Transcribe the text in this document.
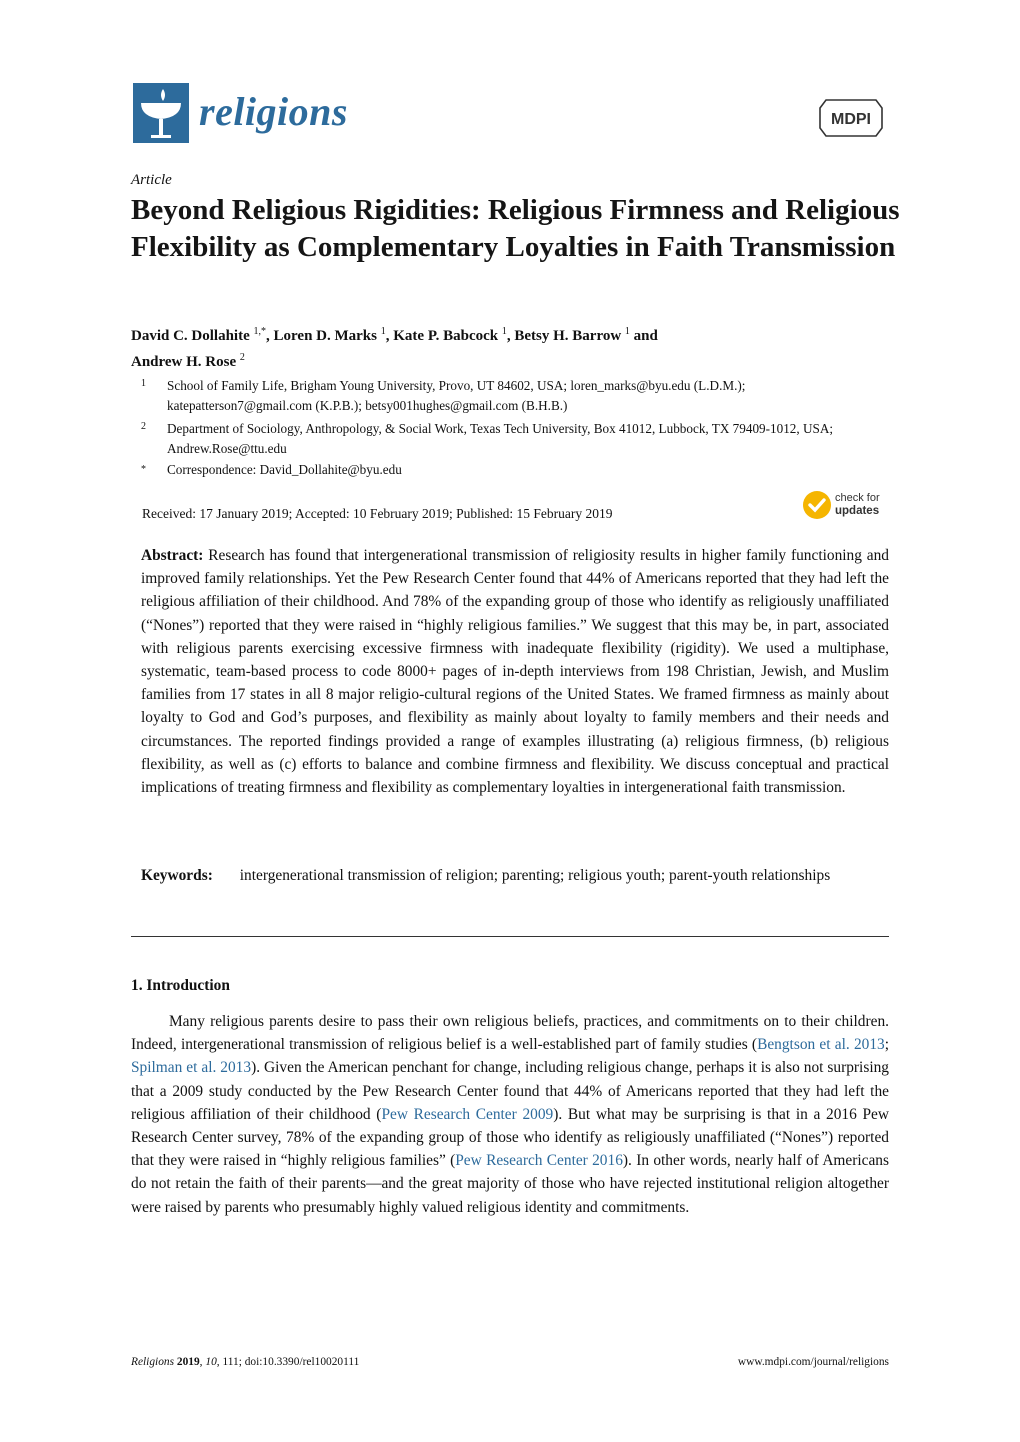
religions	MDPI
Article
Beyond Religious Rigidities: Religious Firmness and Religious Flexibility as Complementary Loyalties in Faith Transmission
David C. Dollahite $^{1,*}$, Loren D. Marks $^1$, Kate P. Babcock $^1$, Betsy H. Barrow $^1$ and
Andrew H. Rose $^2$
1 School of Family Life, Brigham Young University, Provo, UT 84602, USA; loren_marks@byu.edu (L.D.M.); katepatterson7@gmail.com (K.P.B.); betsy001hughes@gmail.com (B.H.B.)
2 Department of Sociology, Anthropology, & Social Work, Texas Tech University, Box 41012, Lubbock, TX 79409-1012, USA; Andrew.Rose@ttu.edu
* Correspondence: David_Dollahite@byu.edu
Received: 17 January 2019; Accepted: 10 February 2019; Published: 15 February 2019
check for
updates
Abstract: Research has found that intergenerational transmission of religiosity results in higher family functioning and improved family relationships. Yet the Pew Research Center found that 44% of Americans reported that they had left the religious affiliation of their childhood. And 78% of the expanding group of those who identify as religiously unaffiliated (“Nones”) reported that they were raised in “highly religious families.” We suggest that this may be, in part, associated with religious parents exercising excessive firmness with inadequate flexibility (rigidity). We used a multiphase, systematic, team-based process to code 8000+ pages of in-depth interviews from 198 Christian, Jewish, and Muslim families from 17 states in all 8 major religio-cultural regions of the United States. We framed firmness as mainly about loyalty to God and God’s purposes, and flexibility as mainly about loyalty to family members and their needs and circumstances. The reported findings provided a range of examples illustrating (a) religious firmness, (b) religious flexibility, as well as (c) efforts to balance and combine firmness and flexibility. We discuss conceptual and practical implications of treating firmness and flexibility as complementary loyalties in intergenerational faith transmission.
Keywords: intergenerational transmission of religion; parenting; religious youth; parent-youth relationships
1. Introduction
Many religious parents desire to pass their own religious beliefs, practices, and commitments on to their children. Indeed, intergenerational transmission of religious belief is a well-established part of family studies (Bengtson et al. 2013; Spilman et al. 2013). Given the American penchant for change, including religious change, perhaps it is also not surprising that a 2009 study conducted by the Pew Research Center found that 44% of Americans reported that they had left the religious affiliation of their childhood (Pew Research Center 2009). But what may be surprising is that in a 2016 Pew Research Center survey, 78% of the expanding group of those who identify as religiously unaffiliated (“Nones”) reported that they were raised in “highly religious families” (Pew Research Center 2016). In other words, nearly half of Americans do not retain the faith of their parents—and the great majority of those who have rejected institutional religion altogether were raised by parents who presumably highly valued religious identity and commitments.
Religions 2019, 10, 111; doi:10.3390/rel10020111	www.mdpi.com/journal/religions
